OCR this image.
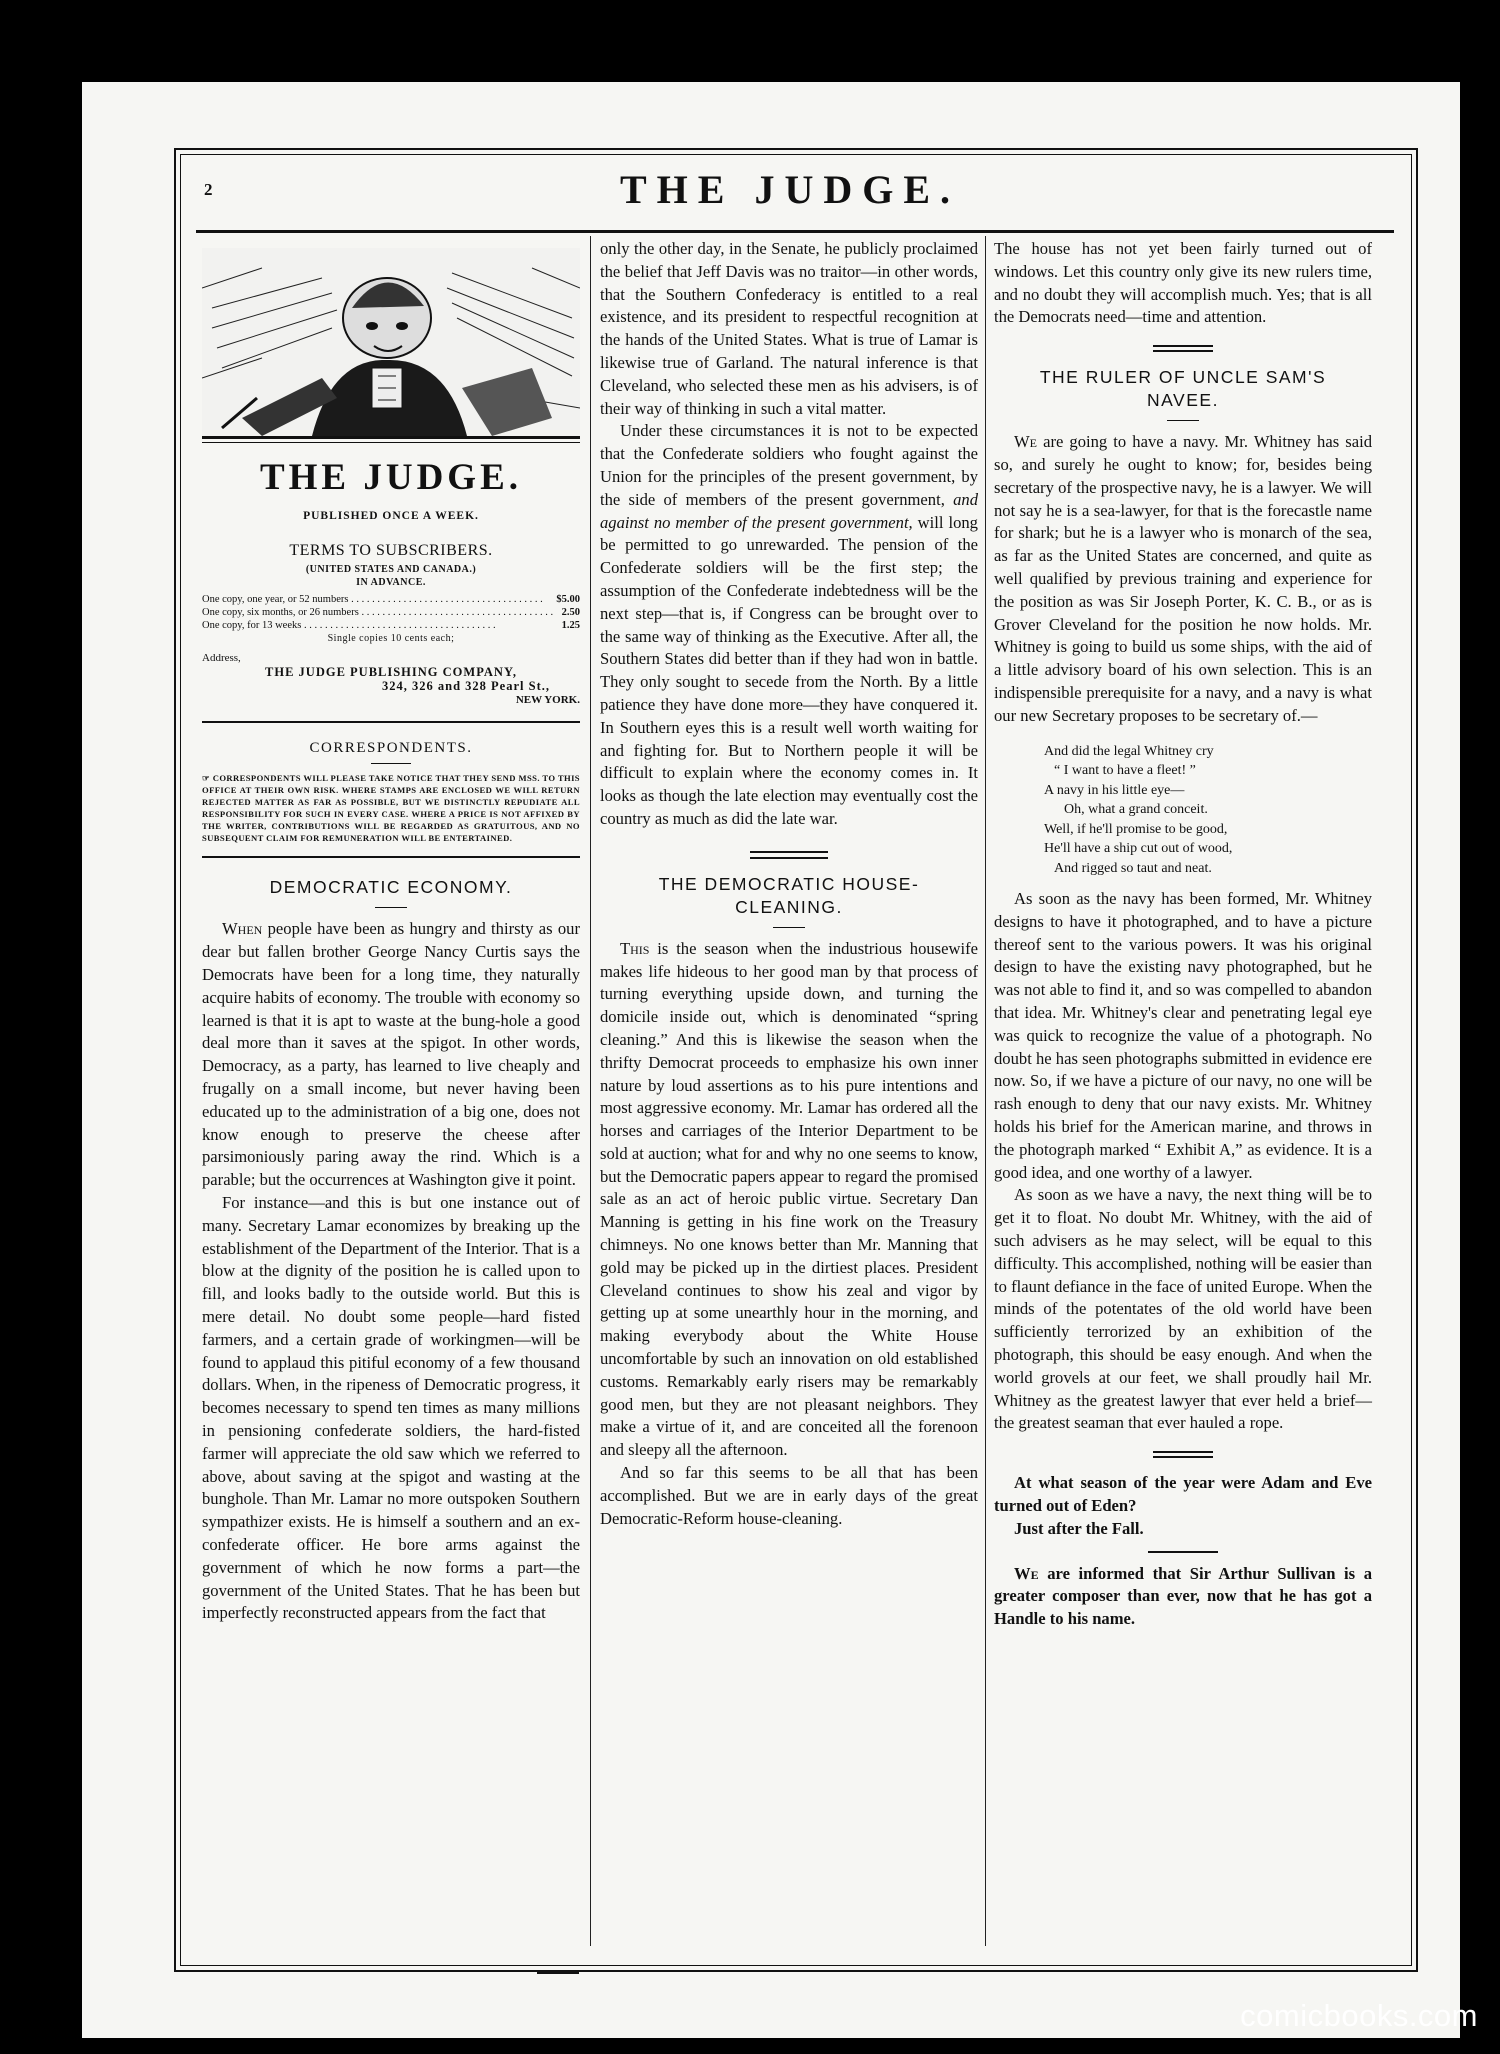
2	THE JUDGE.
THE JUDGE.
PUBLISHED ONCE A WEEK.
TERMS TO SUBSCRIBERS.
(UNITED STATES AND CANADA.)
IN ADVANCE.
One copy, one year, or 52 numbers . . .	$5.00
One copy, six months, or 26 numbers . . .	2.50
One copy, for 13 weeks . . .	1.25
Single copies 10 cents each;
Address,
THE JUDGE PUBLISHING COMPANY,
324, 326 and 328 Pearl St.,
NEW YORK.
CORRESPONDENTS.
☞ CORRESPONDENTS WILL PLEASE TAKE NOTICE THAT THEY SEND MSS. TO THIS OFFICE AT THEIR OWN RISK. WHERE STAMPS ARE ENCLOSED WE WILL RETURN REJECTED MATTER AS FAR AS POSSIBLE, BUT WE DISTINCTLY REPUDIATE ALL RESPONSIBILITY FOR SUCH IN EVERY CASE. WHERE A PRICE IS NOT AFFIXED BY THE WRITER, CONTRIBUTIONS WILL BE REGARDED AS GRATUITOUS, AND NO SUBSEQUENT CLAIM FOR REMUNERATION WILL BE ENTERTAINED.
DEMOCRATIC ECONOMY.

When people have been as hungry and thirsty as our dear but fallen brother George Nancy Curtis says the Democrats have been for a long time, they naturally acquire habits of economy. The trouble with economy so learned is that it is apt to waste at the bung-hole a good deal more than it saves at the spigot. In other words, Democracy, as a party, has learned to live cheaply and frugally on a small income, but never having been educated up to the administration of a big one, does not know enough to preserve the cheese after parsimoniously paring away the rind. Which is a parable; but the occurrences at Washington give it point.

For instance—and this is but one instance out of many. Secretary Lamar economizes by breaking up the establishment of the Department of the Interior. That is a blow at the dignity of the position he is called upon to fill, and looks badly to the outside world. But this is mere detail. No doubt some people—hard fisted farmers, and a certain grade of workingmen—will be found to applaud this pitiful economy of a few thousand dollars. When, in the ripeness of Democratic progress, it becomes necessary to spend ten times as many millions in pensioning confederate soldiers, the hard-fisted farmer will appreciate the old saw which we referred to above, about saving at the spigot and wasting at the bunghole. Than Mr. Lamar no more outspoken Southern sympathizer exists. He is himself a southern and an ex-confederate officer. He bore arms against the government of which he now forms a part—the government of the United States. That he has been but imperfectly reconstructed appears from the fact that

only the other day, in the Senate, he publicly proclaimed the belief that Jeff Davis was no traitor—in other words, that the Southern Confederacy is entitled to a real existence, and its president to respectful recognition at the hands of the United States. What is true of Lamar is likewise true of Garland. The natural inference is that Cleveland, who selected these men as his advisers, is of their way of thinking in such a vital matter.

Under these circumstances it is not to be expected that the Confederate soldiers who fought against the Union for the principles of the present government, by the side of members of the present government, and against no member of the present government, will long be permitted to go unrewarded. The pension of the Confederate soldiers will be the first step; the assumption of the Confederate indebtedness will be the next step—that is, if Congress can be brought over to the same way of thinking as the Executive. After all, the Southern States did better than if they had won in battle. They only sought to secede from the North. By a little patience they have done more—they have conquered it. In Southern eyes this is a result well worth waiting for and fighting for. But to Northern people it will be difficult to explain where the economy comes in. It looks as though the late election may eventually cost the country as much as did the late war.

THE DEMOCRATIC HOUSE-CLEANING.

This is the season when the industrious housewife makes life hideous to her good man by that process of turning everything upside down, and turning the domicile inside out, which is denominated “spring cleaning.” And this is likewise the season when the thrifty Democrat proceeds to emphasize his own inner nature by loud assertions as to his pure intentions and most aggressive economy. Mr. Lamar has ordered all the horses and carriages of the Interior Department to be sold at auction; what for and why no one seems to know, but the Democratic papers appear to regard the promised sale as an act of heroic public virtue. Secretary Dan Manning is getting in his fine work on the Treasury chimneys. No one knows better than Mr. Manning that gold may be picked up in the dirtiest places. President Cleveland continues to show his zeal and vigor by getting up at some unearthly hour in the morning, and making everybody about the White House uncomfortable by such an innovation on old established customs. Remarkably early risers may be remarkably good men, but they are not pleasant neighbors. They make a virtue of it, and are conceited all the forenoon and sleepy all the afternoon.

And so far this seems to be all that has been accomplished. But we are in early days of the great Democratic-Reform house-cleaning.

The house has not yet been fairly turned out of windows. Let this country only give its new rulers time, and no doubt they will accomplish much. Yes; that is all the Democrats need—time and attention.

THE RULER OF UNCLE SAM'S NAVEE.

We are going to have a navy. Mr. Whitney has said so, and surely he ought to know; for, besides being secretary of the prospective navy, he is a lawyer. We will not say he is a sea-lawyer, for that is the forecastle name for shark; but he is a lawyer who is monarch of the sea, as far as the United States are concerned, and quite as well qualified by previous training and experience for the position as was Sir Joseph Porter, K. C. B., or as is Grover Cleveland for the position he now holds. Mr. Whitney is going to build us some ships, with the aid of a little advisory board of his own selection. This is an indispensible prerequisite for a navy, and a navy is what our new Secretary proposes to be secretary of.—

And did the legal Whitney cry
“ I want to have a fleet! ”
A navy in his little eye—
Oh, what a grand conceit.
Well, if he'll promise to be good,
He'll have a ship cut out of wood,
And rigged so taut and neat.

As soon as the navy has been formed, Mr. Whitney designs to have it photographed, and to have a picture thereof sent to the various powers. It was his original design to have the existing navy photographed, but he was not able to find it, and so was compelled to abandon that idea. Mr. Whitney's clear and penetrating legal eye was quick to recognize the value of a photograph. No doubt he has seen photographs submitted in evidence ere now. So, if we have a picture of our navy, no one will be rash enough to deny that our navy exists. Mr. Whitney holds his brief for the American marine, and throws in the photograph marked “ Exhibit A,” as evidence. It is a good idea, and one worthy of a lawyer.

As soon as we have a navy, the next thing will be to get it to float. No doubt Mr. Whitney, with the aid of such advisers as he may select, will be equal to this difficulty. This accomplished, nothing will be easier than to flaunt defiance in the face of united Europe. When the minds of the potentates of the old world have been sufficiently terrorized by an exhibition of the photograph, this should be easy enough. And when the world grovels at our feet, we shall proudly hail Mr. Whitney as the greatest lawyer that ever held a brief—the greatest seaman that ever hauled a rope.

At what season of the year were Adam and Eve turned out of Eden?

Just after the Fall.

We are informed that Sir Arthur Sullivan is a greater composer than ever, now that he has got a Handle to his name.

comicbooks.com
